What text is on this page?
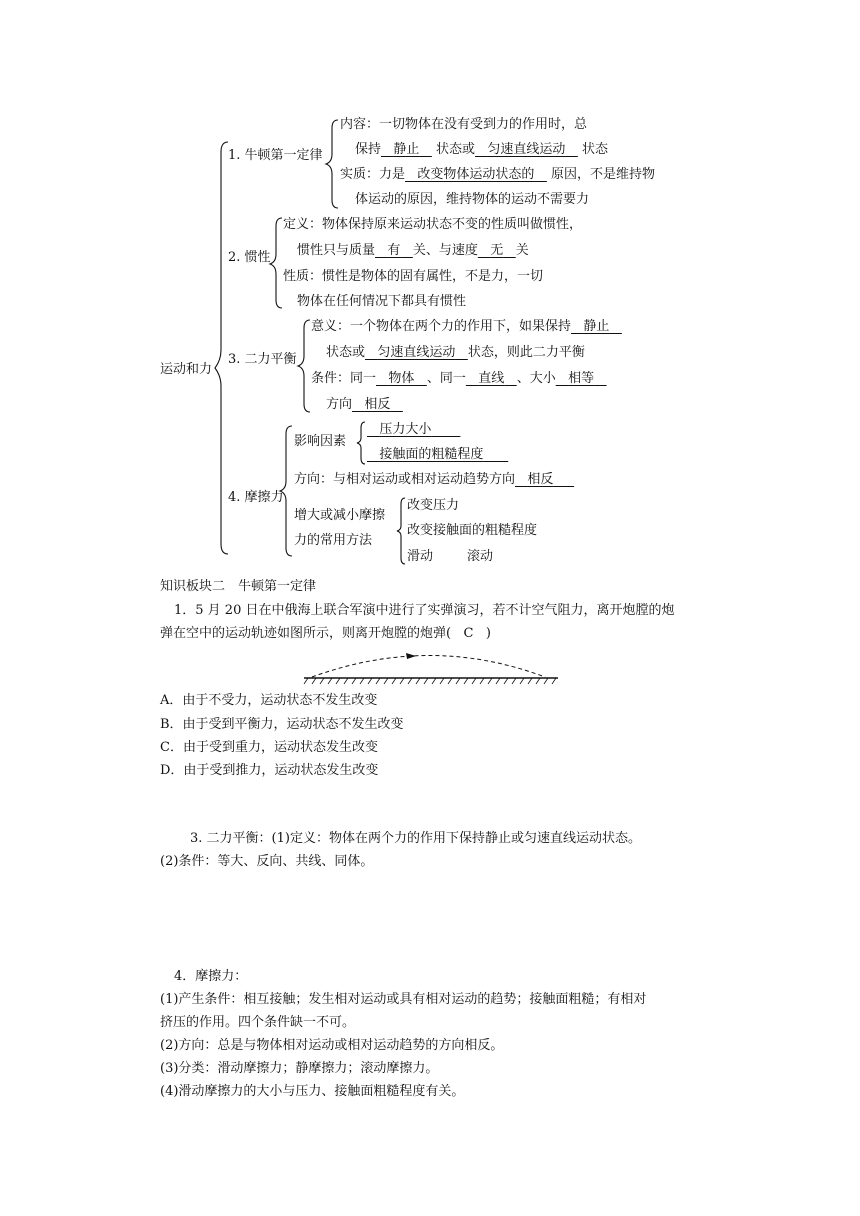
运动和力
1. 牛顿第一定律
内容：一切物体在没有受到力的作用时，总
保持 静止 状态或 匀速直线运动 状态
实质：力是 改变物体运动状态的 原因，不是维持物
体运动的原因，维持物体的运动不需要力
2. 惯性
定义：物体保持原来运动状态不变的性质叫做惯性，
惯性只与质量 有 关、与速度 无 关
性质：惯性是物体的固有属性，不是力，一切
物体在任何情况下都具有惯性
3. 二力平衡
意义：一个物体在两个力的作用下，如果保持 静止
状态或 匀速直线运动 状态，则此二力平衡
条件：同一 物体 、同一 直线 、大小 相等
方向 相反
4. 摩擦力
影响因素
压力大小
接触面的粗糙程度
方向：与相对运动或相对运动趋势方向 相反
增大或减小摩擦
力的常用方法
改变压力
改变接触面的粗糙程度
滑动	滚动
知识板块二　牛顿第一定律
1．5 月 20 日在中俄海上联合军演中进行了实弹演习，若不计空气阻力，离开炮膛的炮
弹在空中的运动轨迹如图所示，则离开炮膛的炮弹( C )
A．由于不受力，运动状态不发生改变
B．由于受到平衡力，运动状态不发生改变
C．由于受到重力，运动状态发生改变
D．由于受到推力，运动状态发生改变
3. 二力平衡：(1)定义：物体在两个力的作用下保持静止或匀速直线运动状态。
(2)条件：等大、反向、共线、同体。
4．摩擦力：
(1)产生条件：相互接触；发生相对运动或具有相对运动的趋势；接触面粗糙；有相对
挤压的作用。四个条件缺一不可。
(2)方向：总是与物体相对运动或相对运动趋势的方向相反。
(3)分类：滑动摩擦力；静摩擦力；滚动摩擦力。
(4)滑动摩擦力的大小与压力、接触面粗糙程度有关。
